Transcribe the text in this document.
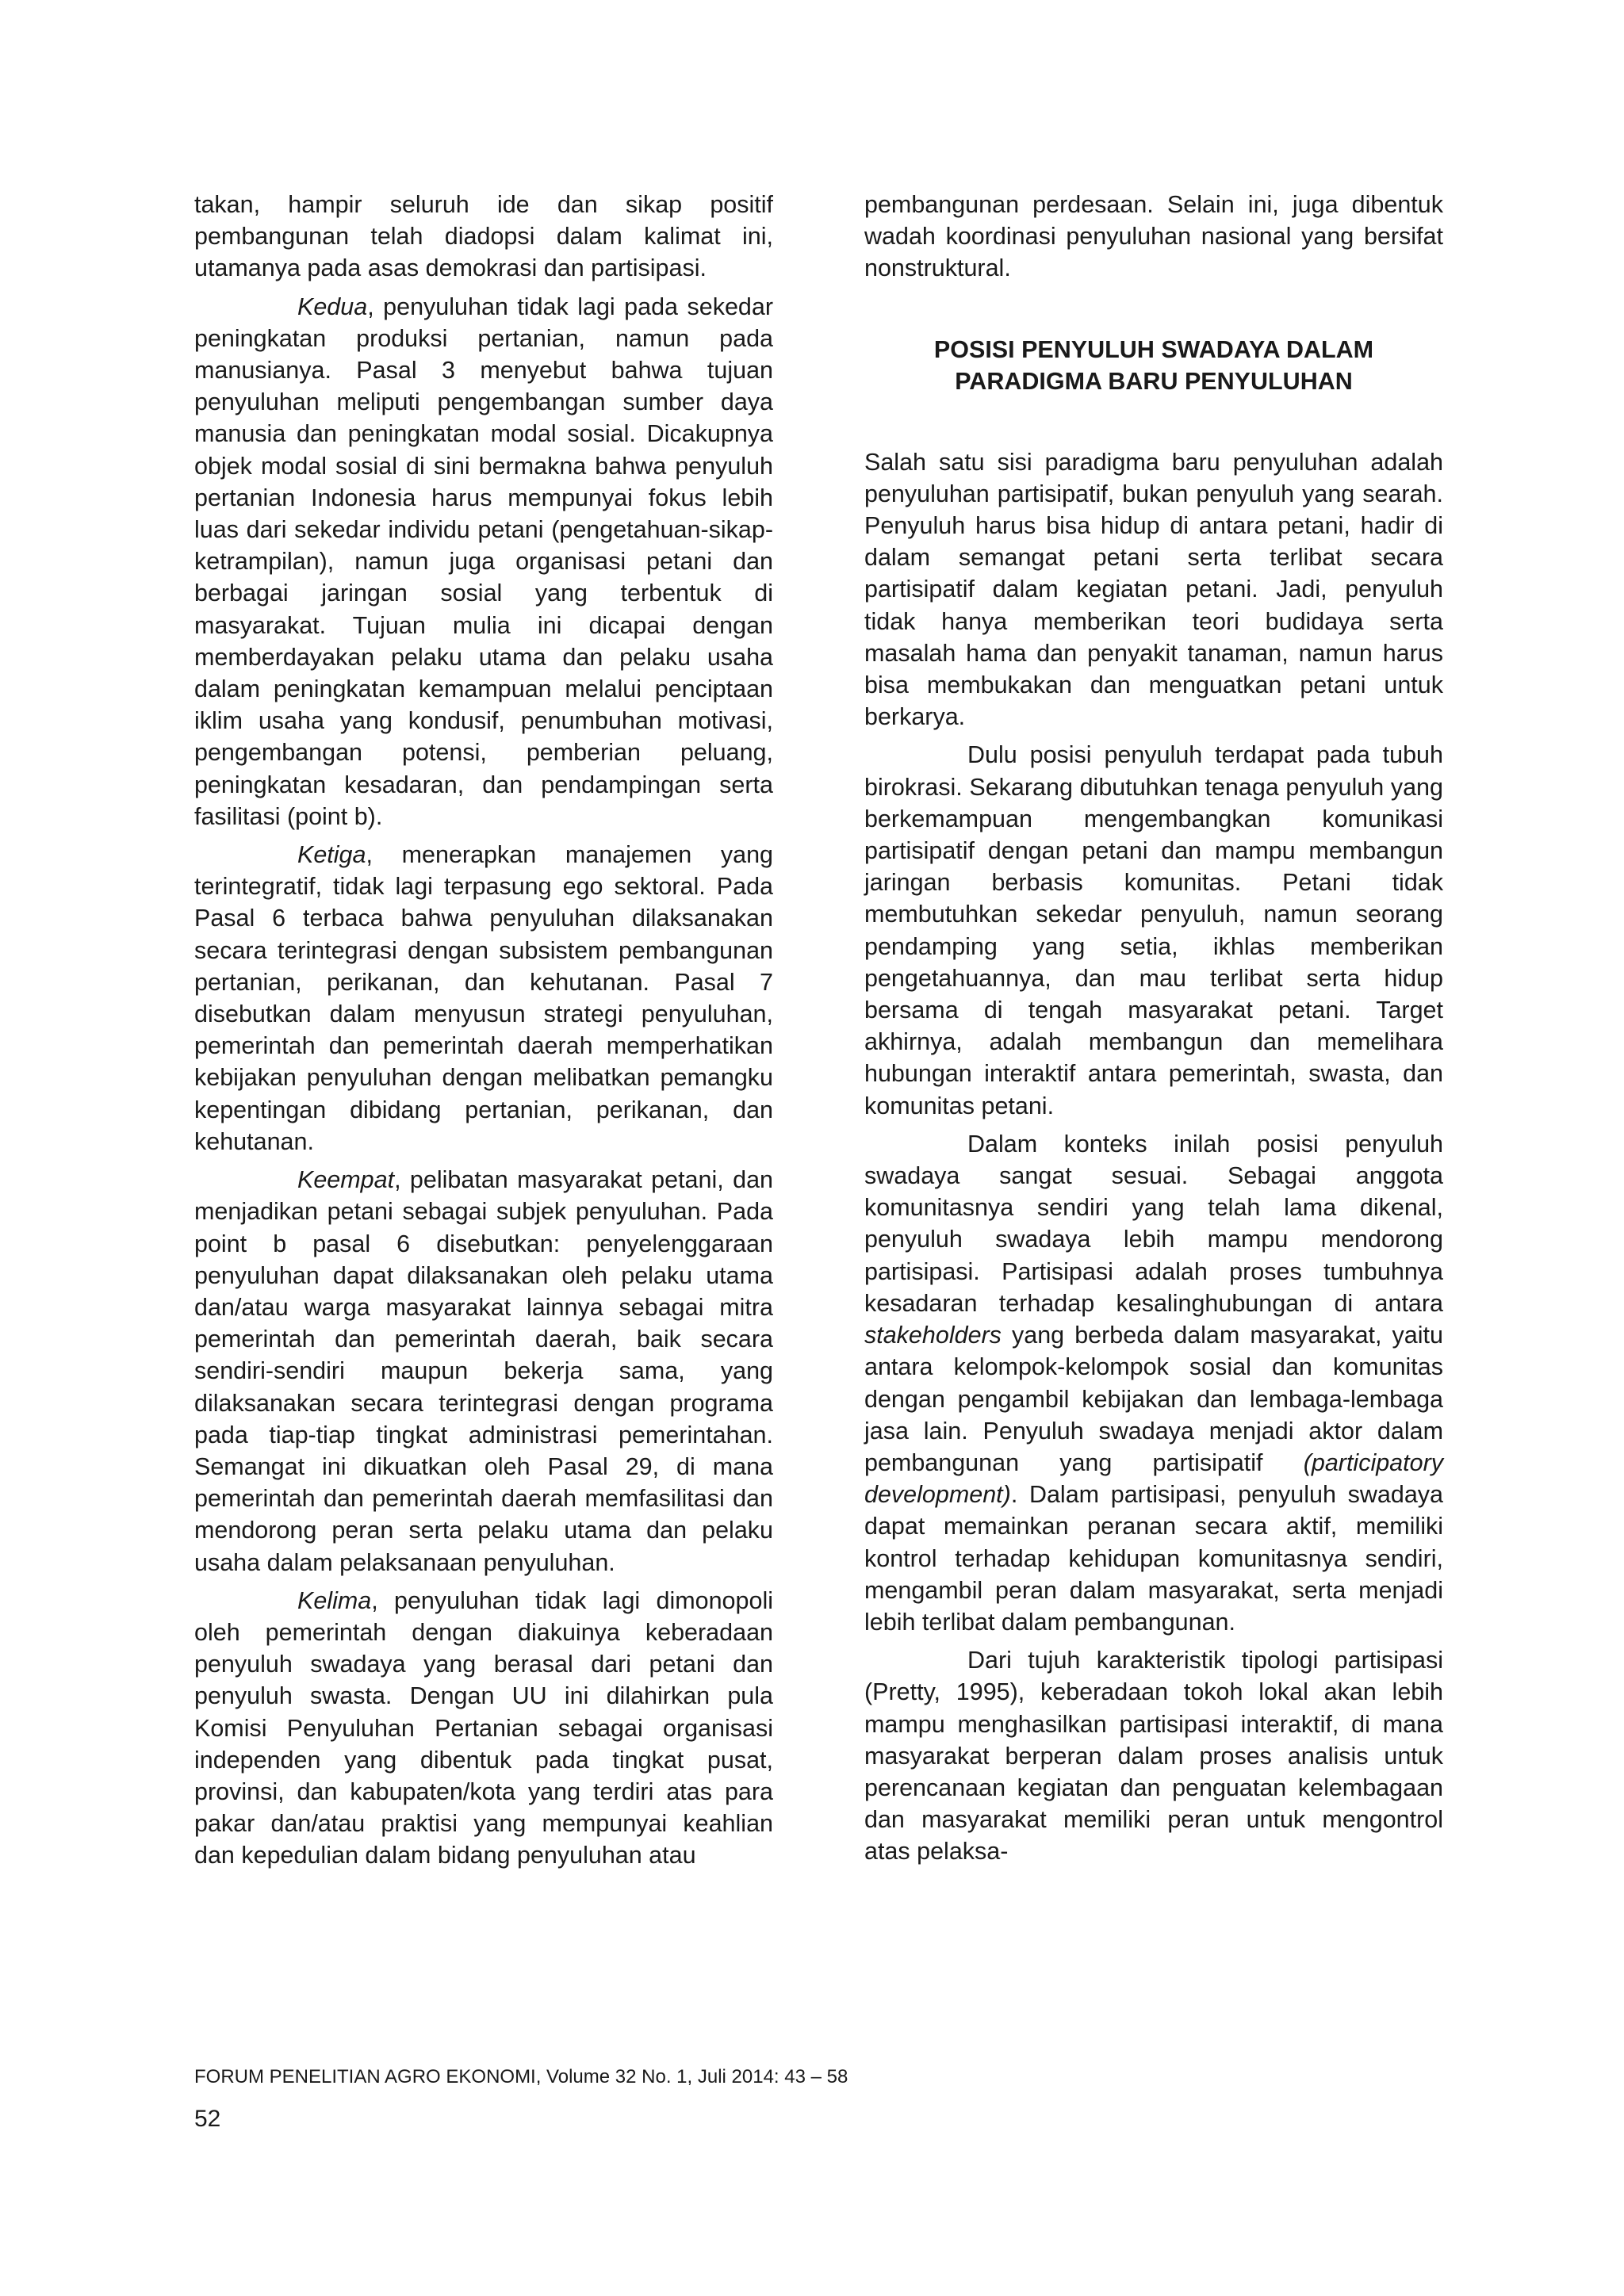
takan, hampir seluruh ide dan sikap positif pembangunan telah diadopsi dalam kalimat ini, utamanya pada asas demokrasi dan partisipasi.

Kedua, penyuluhan tidak lagi pada sekedar peningkatan produksi pertanian, namun pada manusianya. Pasal 3 menyebut bahwa tujuan penyuluhan meliputi pengembangan sumber daya manusia dan peningkatan modal sosial. Dicakupnya objek modal sosial di sini bermakna bahwa penyuluh pertanian Indonesia harus mempunyai fokus lebih luas dari sekedar individu petani (pengetahuan-sikap-ketrampilan), namun juga organisasi petani dan berbagai jaringan sosial yang terbentuk di masyarakat. Tujuan mulia ini dicapai dengan memberdayakan pelaku utama dan pelaku usaha dalam peningkatan kemampuan melalui penciptaan iklim usaha yang kondusif, penumbuhan motivasi, pengembangan potensi, pemberian peluang, peningkatan kesadaran, dan pendampingan serta fasilitasi (point b).

Ketiga, menerapkan manajemen yang terintegratif, tidak lagi terpasung ego sektoral. Pada Pasal 6 terbaca bahwa penyuluhan dilaksanakan secara terintegrasi dengan subsistem pembangunan pertanian, perikanan, dan kehutanan. Pasal 7 disebutkan dalam menyusun strategi penyuluhan, pemerintah dan pemerintah daerah memperhatikan kebijakan penyuluhan dengan melibatkan pemangku kepentingan dibidang pertanian, perikanan, dan kehutanan.

Keempat, pelibatan masyarakat petani, dan menjadikan petani sebagai subjek penyuluhan. Pada point b pasal 6 disebutkan: penyelenggaraan penyuluhan dapat dilaksanakan oleh pelaku utama dan/atau warga masyarakat lainnya sebagai mitra pemerintah dan pemerintah daerah, baik secara sendiri-sendiri maupun bekerja sama, yang dilaksanakan secara terintegrasi dengan programa pada tiap-tiap tingkat administrasi pemerintahan. Semangat ini dikuatkan oleh Pasal 29, di mana pemerintah dan pemerintah daerah memfasilitasi dan mendorong peran serta pelaku utama dan pelaku usaha dalam pelaksanaan penyuluhan.

Kelima, penyuluhan tidak lagi dimonopoli oleh pemerintah dengan diakuinya keberadaan penyuluh swadaya yang berasal dari petani dan penyuluh swasta. Dengan UU ini dilahirkan pula Komisi Penyuluhan Pertanian sebagai organisasi independen yang dibentuk pada tingkat pusat, provinsi, dan kabupaten/kota yang terdiri atas para pakar dan/atau praktisi yang mempunyai keahlian dan kepedulian dalam bidang penyuluhan atau

pembangunan perdesaan. Selain ini, juga dibentuk wadah koordinasi penyuluhan nasional yang bersifat nonstruktural.

POSISI PENYULUH SWADAYA DALAM
PARADIGMA BARU PENYULUHAN

Salah satu sisi paradigma baru penyuluhan adalah penyuluhan partisipatif, bukan penyuluh yang searah. Penyuluh harus bisa hidup di antara petani, hadir di dalam semangat petani serta terlibat secara partisipatif dalam kegiatan petani. Jadi, penyuluh tidak hanya memberikan teori budidaya serta masalah hama dan penyakit tanaman, namun harus bisa membukakan dan menguatkan petani untuk berkarya.

Dulu posisi penyuluh terdapat pada tubuh birokrasi. Sekarang dibutuhkan tenaga penyuluh yang berkemampuan mengembangkan komunikasi partisipatif dengan petani dan mampu membangun jaringan berbasis komunitas. Petani tidak membutuhkan sekedar penyuluh, namun seorang pendamping yang setia, ikhlas memberikan pengetahuannya, dan mau terlibat serta hidup bersama di tengah masyarakat petani. Target akhirnya, adalah membangun dan memelihara hubungan interaktif antara pemerintah, swasta, dan komunitas petani.

Dalam konteks inilah posisi penyuluh swadaya sangat sesuai. Sebagai anggota komunitasnya sendiri yang telah lama dikenal, penyuluh swadaya lebih mampu mendorong partisipasi. Partisipasi adalah proses tumbuhnya kesadaran terhadap kesalinghubungan di antara stakeholders yang berbeda dalam masyarakat, yaitu antara kelompok-kelompok sosial dan komunitas dengan pengambil kebijakan dan lembaga-lembaga jasa lain. Penyuluh swadaya menjadi aktor dalam pembangunan yang partisipatif (participatory development). Dalam partisipasi, penyuluh swadaya dapat memainkan peranan secara aktif, memiliki kontrol terhadap kehidupan komunitasnya sendiri, mengambil peran dalam masyarakat, serta menjadi lebih terlibat dalam pembangunan.

Dari tujuh karakteristik tipologi partisipasi (Pretty, 1995), keberadaan tokoh lokal akan lebih mampu menghasilkan partisipasi interaktif, di mana masyarakat berperan dalam proses analisis untuk perencanaan kegiatan dan penguatan kelembagaan dan masyarakat memiliki peran untuk mengontrol atas pelaksa-

FORUM PENELITIAN AGRO EKONOMI, Volume 32 No. 1, Juli 2014: 43 – 58
52
